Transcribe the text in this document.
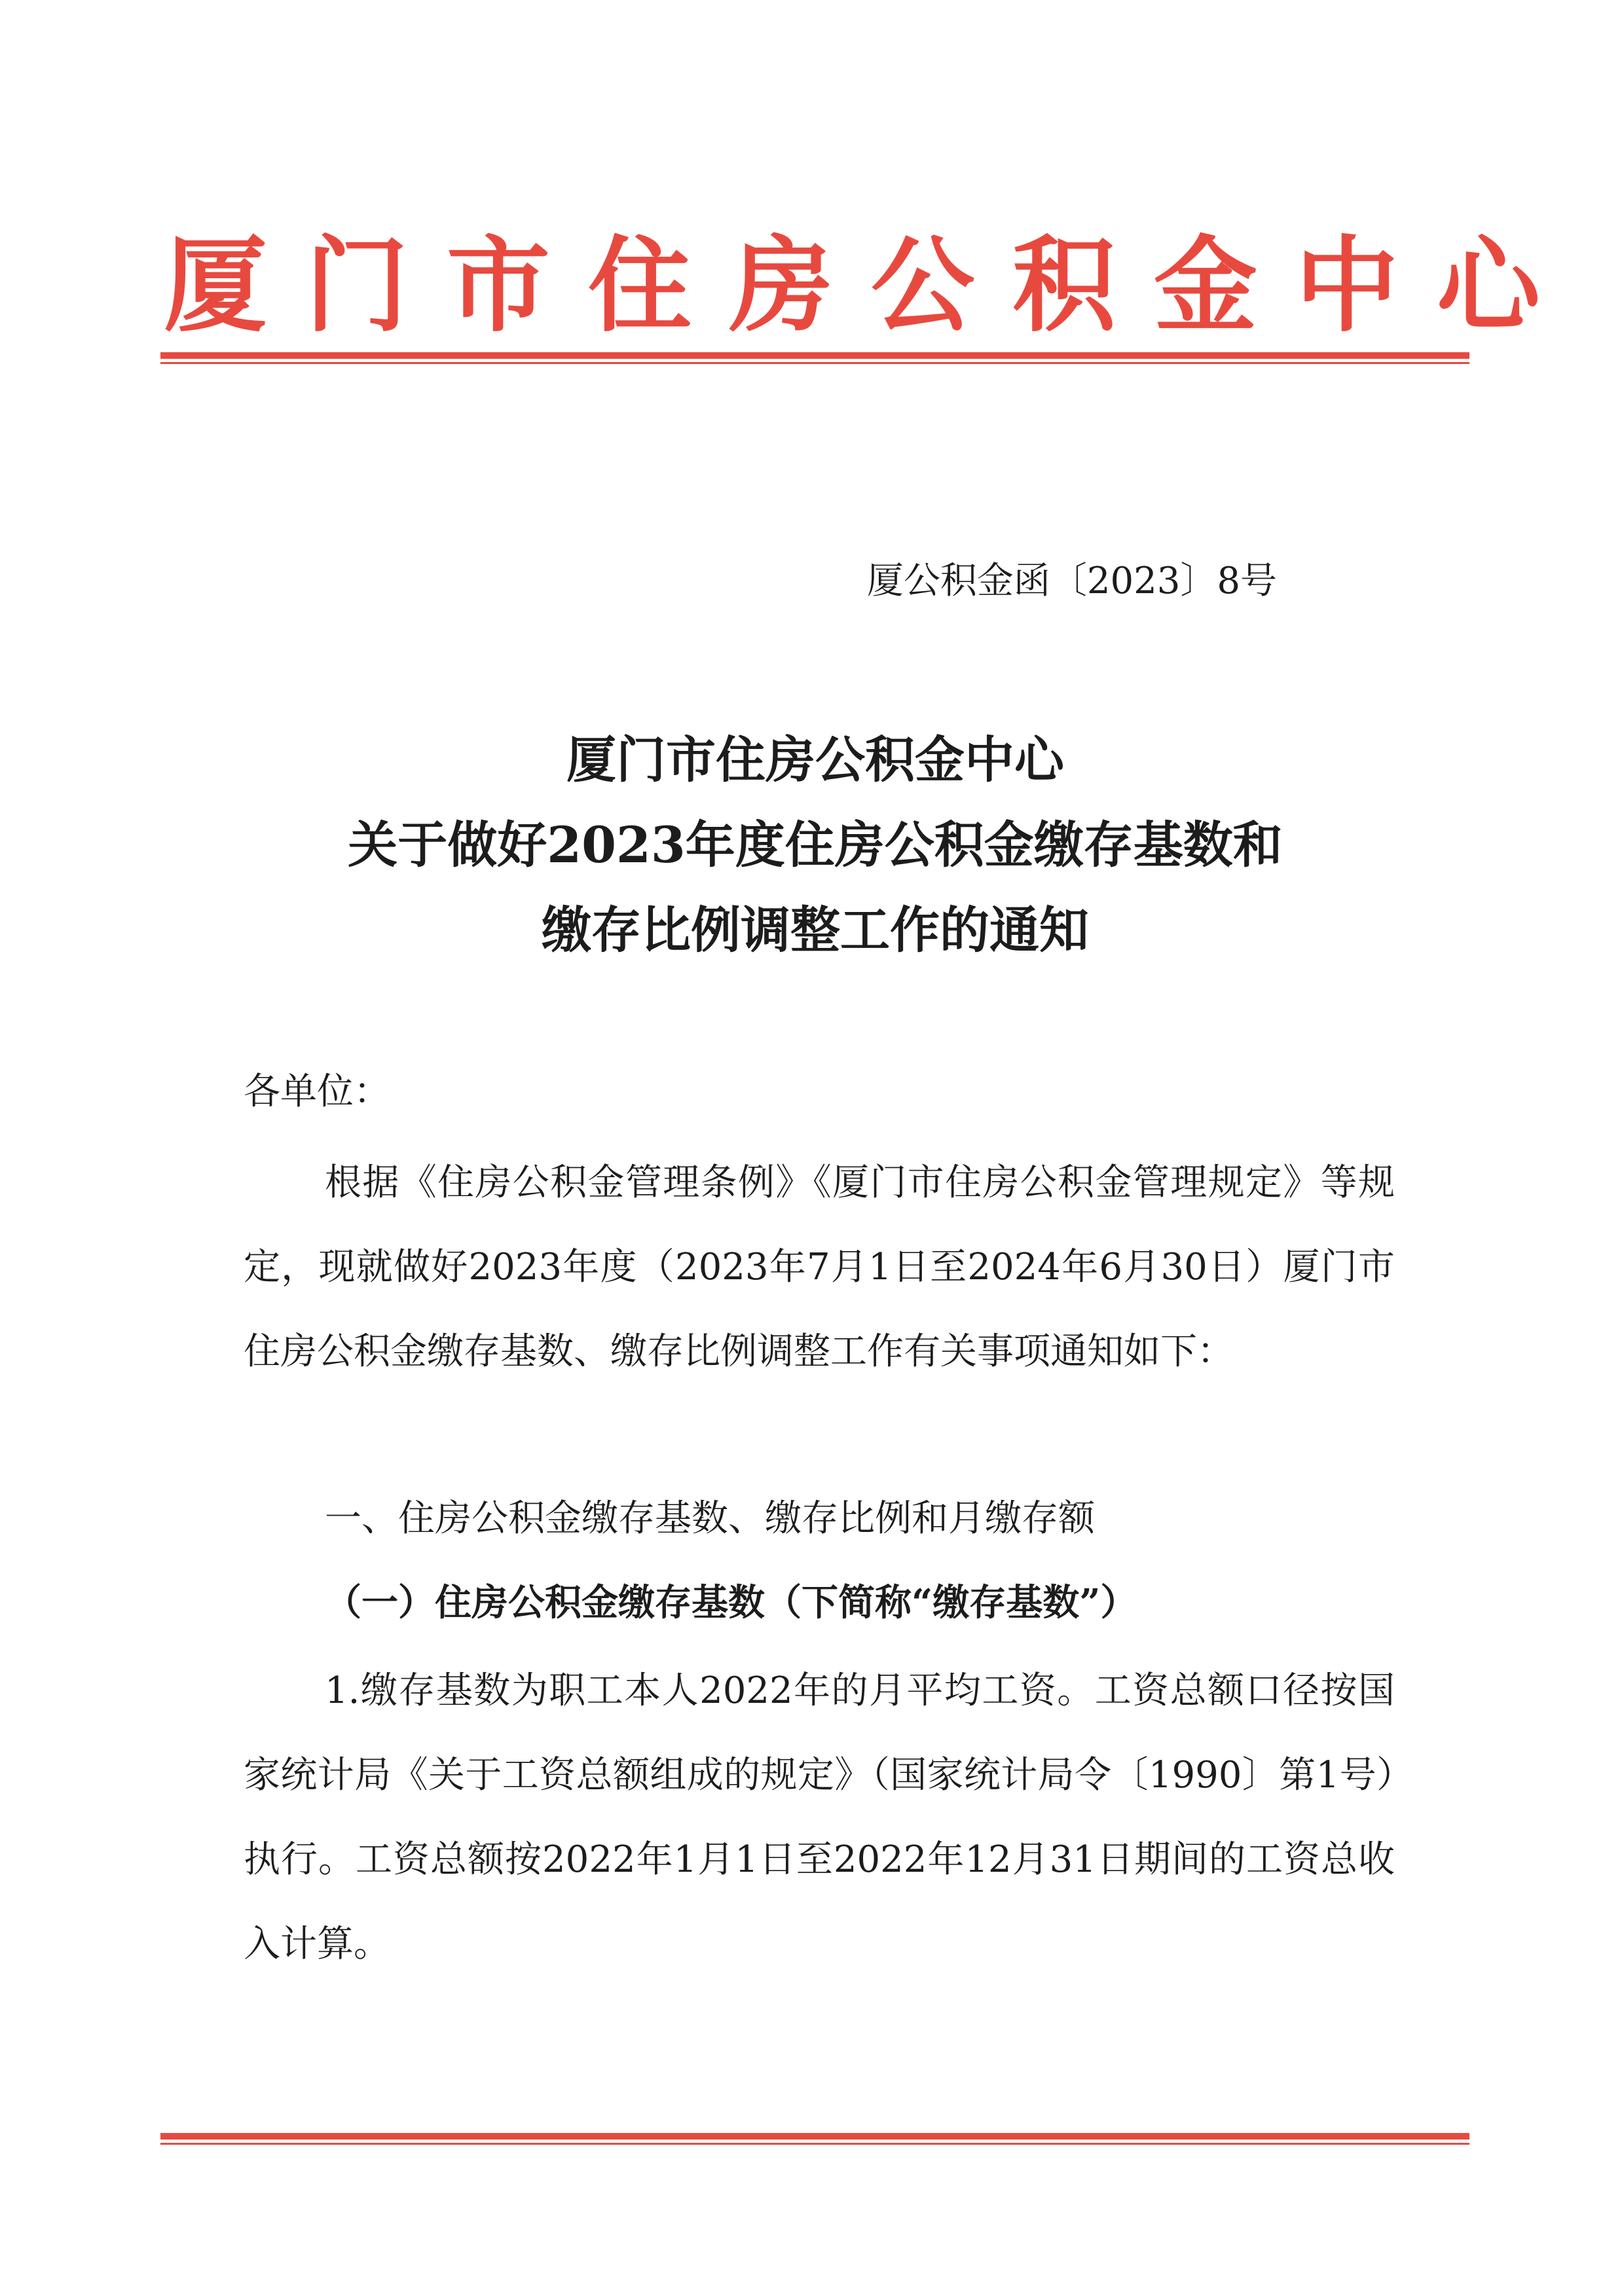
厦门市住房公积金中心

厦公积金函〔2023〕8号

厦门市住房公积金中心
关于做好2023年度住房公积金缴存基数和
缴存比例调整工作的通知

各单位：

根据《住房公积金管理条例》《厦门市住房公积金管理规定》等规定，现就做好2023年度（2023年7月1日至2024年6月30日）厦门市住房公积金缴存基数、缴存比例调整工作有关事项通知如下：

一、住房公积金缴存基数、缴存比例和月缴存额

（一）住房公积金缴存基数（下简称“缴存基数”）

1.缴存基数为职工本人2022年的月平均工资。工资总额口径按国家统计局《关于工资总额组成的规定》（国家统计局令〔1990〕第1号）执行。工资总额按2022年1月1日至2022年12月31日期间的工资总收入计算。
